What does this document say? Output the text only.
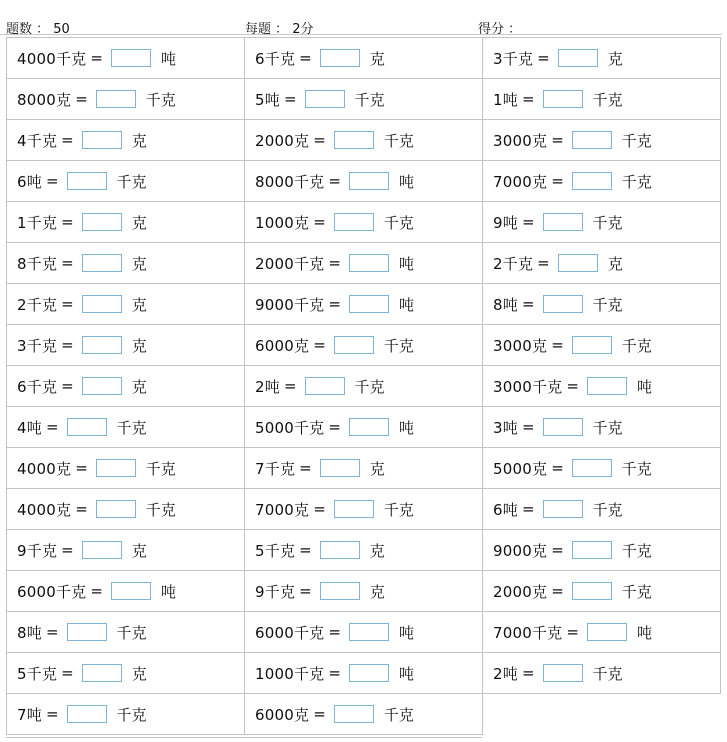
题数 ： 50	每题 ： 2分	得分 ：
4000千克 =	吨	6千克 =	克	3千克 =	克
8000克 =	千克	5吨 =	千克	1吨 =	千克
4千克 =	克	2000克 =	千克	3000克 =	千克
6吨 =	千克	8000千克 =	吨	7000克 =	千克
1千克 =	克	1000克 =	千克	9吨 =	千克
8千克 =	克	2000千克 =	吨	2千克 =	克
2千克 =	克	9000千克 =	吨	8吨 =	千克
3千克 =	克	6000克 =	千克	3000克 =	千克
6千克 =	克	2吨 =	千克	3000千克 =	吨
4吨 =	千克	5000千克 =	吨	3吨 =	千克
4000克 =	千克	7千克 =	克	5000克 =	千克
4000克 =	千克	7000克 =	千克	6吨 =	千克
9千克 =	克	5千克 =	克	9000克 =	千克
6000千克 =	吨	9千克 =	克	2000克 =	千克
8吨 =	千克	6000千克 =	吨	7000千克 =	吨
5千克 =	克	1000千克 =	吨	2吨 =	千克
7吨 =	千克	6000克 =	千克
